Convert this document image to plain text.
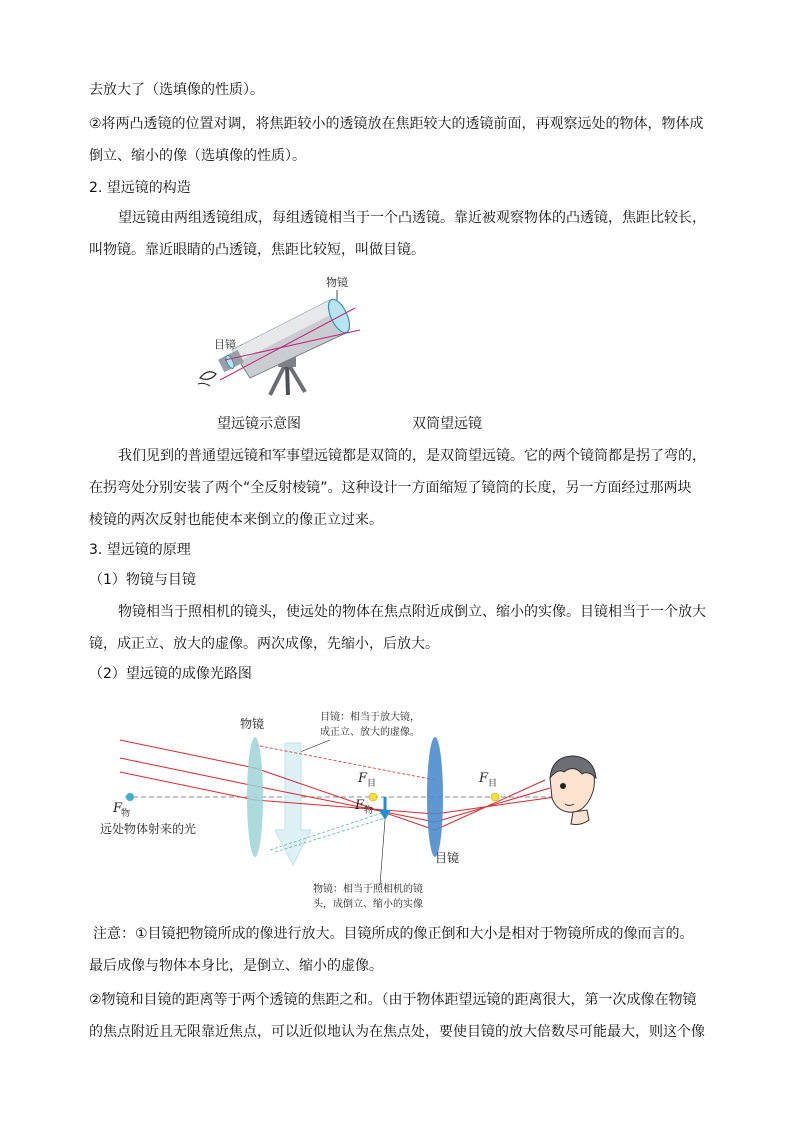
去放大了（选填像的性质）。
②将两凸透镜的位置对调，将焦距较小的透镜放在焦距较大的透镜前面，再观察远处的物体，物体成
倒立、缩小的像（选填像的性质）。
2. 望远镜的构造
望远镜由两组透镜组成，每组透镜相当于一个凸透镜。靠近被观察物体的凸透镜，焦距比较长，
叫物镜。靠近眼睛的凸透镜，焦距比较短，叫做目镜。
物镜
目镜
望远镜示意图	双筒望远镜
我们见到的普通望远镜和军事望远镜都是双筒的，是双筒望远镜。它的两个镜筒都是拐了弯的，
在拐弯处分别安装了两个“全反射棱镜”。这种设计一方面缩短了镜筒的长度，另一方面经过那两块
棱镜的两次反射也能使本来倒立的像正立过来。
3. 望远镜的原理
（1）物镜与目镜
物镜相当于照相机的镜头，使远处的物体在焦点附近成倒立、缩小的实像。目镜相当于一个放大
镜，成正立、放大的虚像。两次成像，先缩小，后放大。
（2）望远镜的成像光路图
物镜	目镜：相当于放大镜，
成正立、放大的虚像。
F
物
F 目
F 物
F 目
远处物体射来的光
目镜
物镜：相当于照相机的镜
头，成倒立、缩小的实像
注意：①目镜把物镜所成的像进行放大。目镜所成的像正倒和大小是相对于物镜所成的像而言的。
最后成像与物体本身比，是倒立、缩小的虚像。
②物镜和目镜的距离等于两个透镜的焦距之和。（由于物体距望远镜的距离很大，第一次成像在物镜
的焦点附近且无限靠近焦点，可以近似地认为在焦点处，要使目镜的放大倍数尽可能最大，则这个像
